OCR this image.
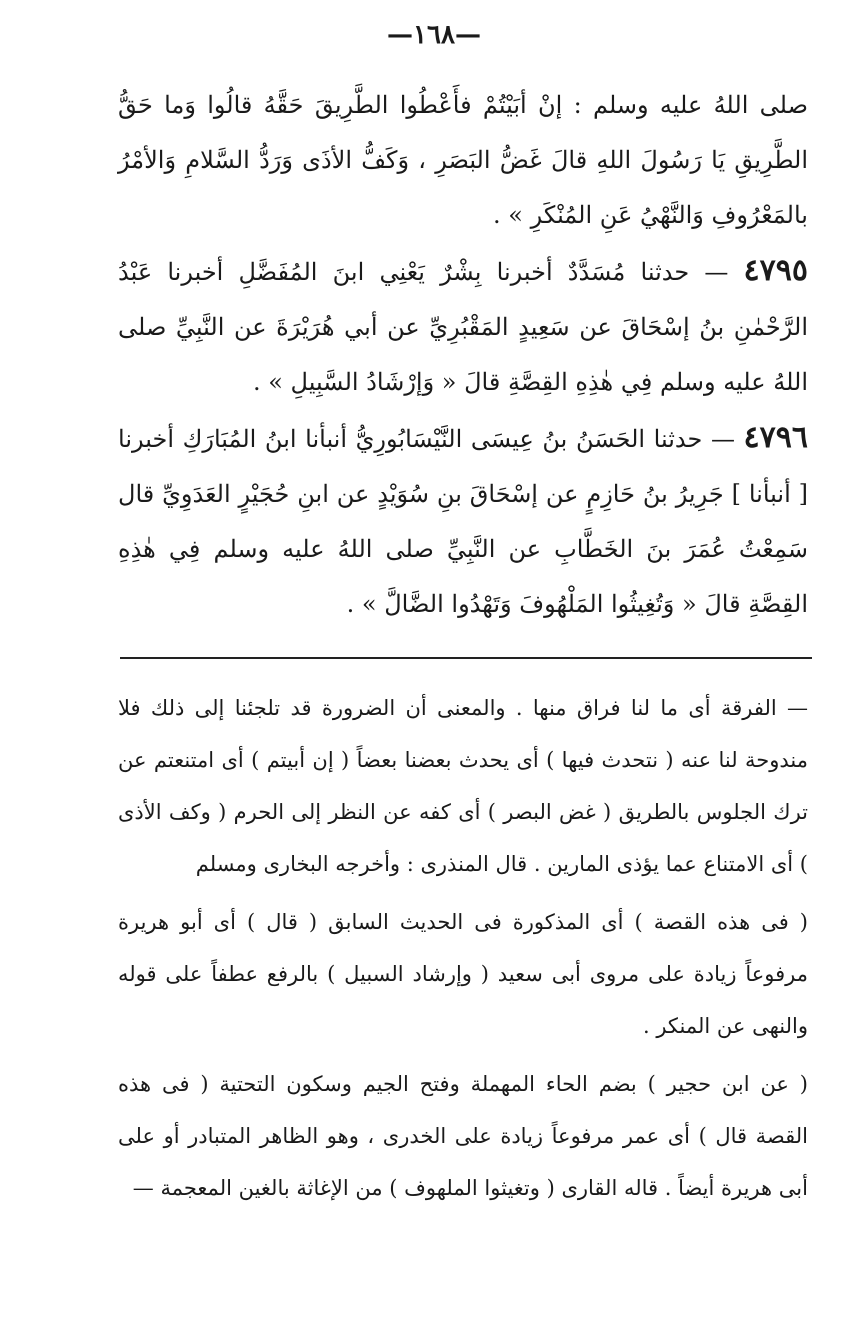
—١٦٨—

صلى اللهُ عليه وسلم : إنْ أبَيْتُمْ فأَعْطُوا الطَّرِيقَ حَقَّهُ قالُوا وَما حَقُّ الطَّرِيقِ يَا رَسُولَ اللهِ قالَ غَضُّ البَصَرِ ، وَكَفُّ الأذَى وَرَدُّ السَّلامِ وَالأمْرُ بالمَعْرُوفِ وَالنَّهْيُ عَنِ المُنْكَرِ » .

٤٧٩٥ — حدثنا مُسَدَّدٌ أخبرنا بِشْرٌ يَعْنِي ابنَ المُفَضَّلِ أخبرنا عَبْدُ الرَّحْمٰنِ بنُ إسْحَاقَ عن سَعِيدٍ المَقْبُرِيِّ عن أبي هُرَيْرَةَ عن النَّبِيِّ صلى اللهُ عليه وسلم فِي هٰذِهِ القِصَّةِ قالَ « وَإرْشَادُ السَّبِيلِ » .

٤٧٩٦ — حدثنا الحَسَنُ بنُ عِيسَى النَّيْسَابُورِيُّ أنبأنا ابنُ المُبَارَكِ أخبرنا [ أنبأنا ] جَرِيرُ بنُ حَازِمٍ عن إسْحَاقَ بنِ سُوَيْدٍ عن ابنِ حُجَيْرٍ العَدَوِيِّ قال سَمِعْتُ عُمَرَ بنَ الخَطَّابِ عن النَّبِيِّ صلى اللهُ عليه وسلم فِي هٰذِهِ القِصَّةِ قالَ « وَتُغِيثُوا المَلْهُوفَ وَتَهْدُوا الضَّالَّ » .

— الفرقة أى ما لنا فراق منها . والمعنى أن الضرورة قد تلجئنا إلى ذلك فلا مندوحة لنا عنه ( نتحدث فيها ) أى يحدث بعضنا بعضاً ( إن أبيتم ) أى امتنعتم عن ترك الجلوس بالطريق ( غض البصر ) أى كفه عن النظر إلى الحرم ( وكف الأذى ) أى الامتناع عما يؤذى المارين . قال المنذرى : وأخرجه البخارى ومسلم

( فى هذه القصة ) أى المذكورة فى الحديث السابق ( قال ) أى أبو هريرة مرفوعاً زيادة على مروى أبى سعيد ( وإرشاد السبيل ) بالرفع عطفاً على قوله والنهى عن المنكر .

( عن ابن حجير ) بضم الحاء المهملة وفتح الجيم وسكون التحتية ( فى هذه القصة قال ) أى عمر مرفوعاً زيادة على الخدرى ، وهو الظاهر المتبادر أو على أبى هريرة أيضاً . قاله القارى ( وتغيثوا الملهوف ) من الإغاثة بالغين المعجمة —
